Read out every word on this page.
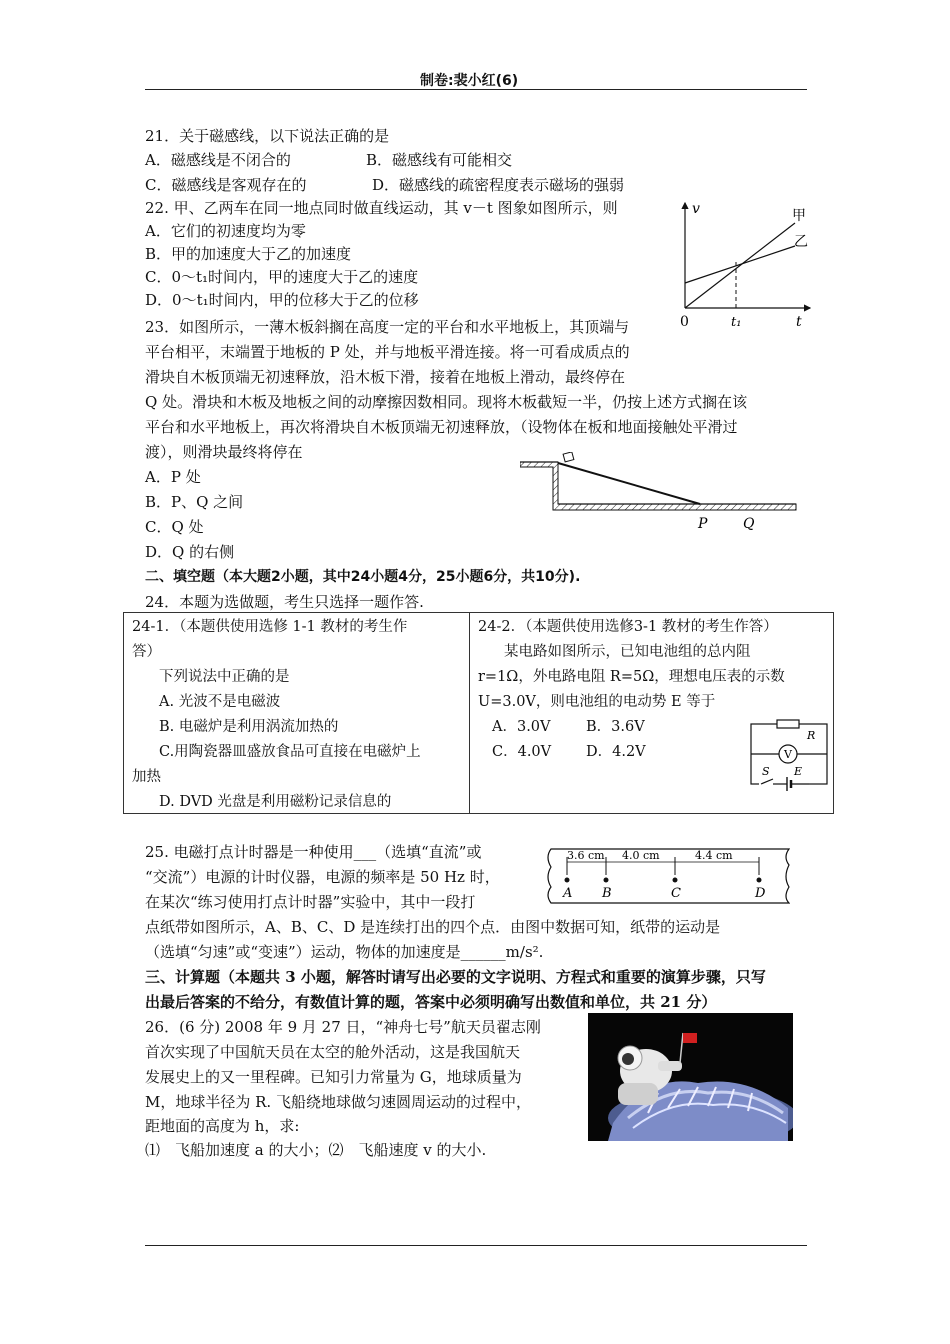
制卷:裴小红(6)
21．关于磁感线，以下说法正确的是
A．磁感线是不闭合的	B．磁感线有可能相交
C．磁感线是客观存在的	D．磁感线的疏密程度表示磁场的强弱
22. 甲、乙两车在同一地点同时做直线运动，其 v－t 图象如图所示，则
A．它们的初速度均为零
B．甲的加速度大于乙的加速度
C．0～t₁时间内，甲的速度大于乙的速度
D．0～t₁时间内，甲的位移大于乙的位移
v
t
0	t₁
甲
乙
23．如图所示，一薄木板斜搁在高度一定的平台和水平地板上，其顶端与
平台相平，末端置于地板的 P 处，并与地板平滑连接。将一可看成质点的
滑块自木板顶端无初速释放，沿木板下滑，接着在地板上滑动，最终停在
Q 处。滑块和木板及地板之间的动摩擦因数相同。现将木板截短一半，仍按上述方式搁在该
平台和水平地板上，再次将滑块自木板顶端无初速释放，（设物体在板和地面接触处平滑过
渡），则滑块最终将停在
A．P 处
B．P、Q 之间
C．Q 处
D．Q 的右侧
P	Q
二、填空题（本大题2小题，其中24小题4分，25小题6分，共10分).
24．本题为选做题，考生只选择一题作答.
24-1．（本题供使用选修 1-1 教材的考生作
答）
下列说法中正确的是
A. 光波不是电磁波
B. 电磁炉是利用涡流加热的
C.用陶瓷器皿盛放食品可直接在电磁炉上
加热
D. DVD 光盘是利用磁粉记录信息的
24-2．（本题供使用选修3-1 教材的考生作答）
某电路如图所示，已知电池组的总内阻
r=1Ω，外电路电阻 R=5Ω，理想电压表的示数
U=3.0V，则电池组的电动势 E 等于
A．3.0V B．3.6V
C．4.0V D．4.2V
R
V
S E
25. 电磁打点计时器是一种使用___（选填“直流”或
“交流”）电源的计时仪器，电源的频率是 50 Hz 时，
在某次“练习使用打点计时器”实验中，其中一段打
点纸带如图所示，A、B、C、D 是连续打出的四个点．由图中数据可知，纸带的运动是
（选填“匀速”或“变速”）运动，物体的加速度是______m/s².
3.6 cm 4.0 cm	4.4 cm
A B	C	D
三、计算题（本题共 3 小题，解答时请写出必要的文字说明、方程式和重要的演算步骤，只写
出最后答案的不给分，有数值计算的题，答案中必须明确写出数值和单位，共 21 分）
26．(6 分) 2008 年 9 月 27 日，“神舟七号”航天员翟志刚
首次实现了中国航天员在太空的舱外活动，这是我国航天
发展史上的又一里程碑。已知引力常量为 G，地球质量为
M，地球半径为 R. 飞船绕地球做匀速圆周运动的过程中，
距地面的高度为 h，求:
⑴　飞船加速度 a 的大小；⑵　飞船速度 v 的大小.
